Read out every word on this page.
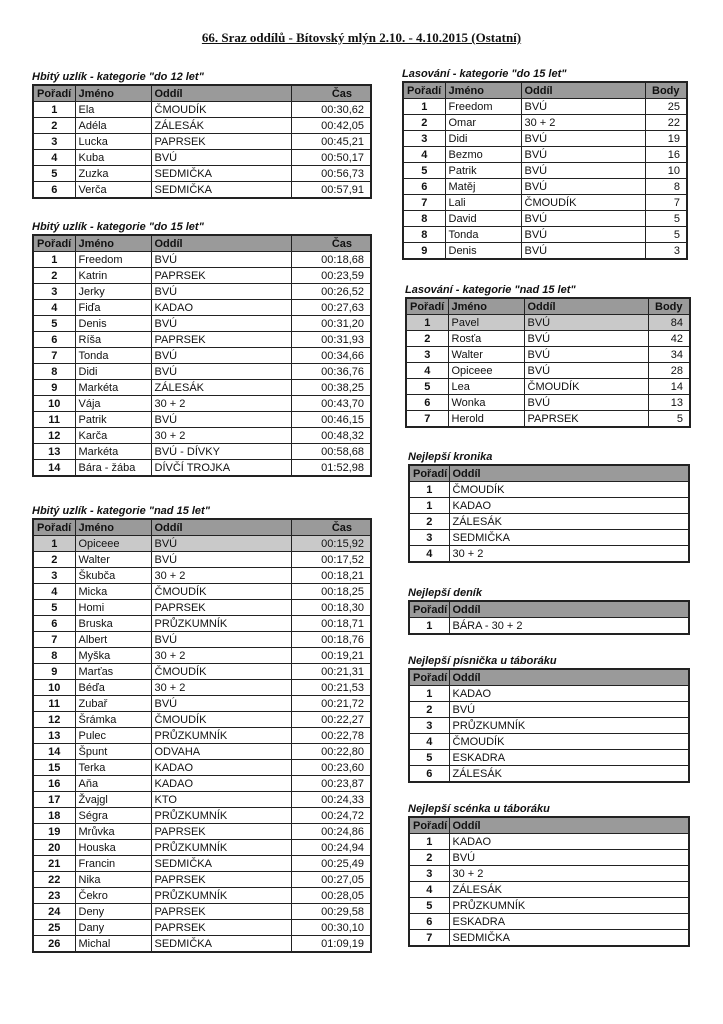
66. Sraz oddílů - Bítovský mlýn 2.10. - 4.10.2015 (Ostatní)
Hbitý uzlík - kategorie "do 12 let"
Pořadí	Jméno	Oddíl	Čas
1	Ela	ČMOUDÍK	00:30,62
2	Adéla	ZÁLESÁK	00:42,05
3	Lucka	PAPRSEK	00:45,21
4	Kuba	BVÚ	00:50,17
5	Zuzka	SEDMIČKA	00:56,73
6	Verča	SEDMIČKA	00:57,91
Hbitý uzlík - kategorie "do 15 let"
Pořadí	Jméno	Oddíl	Čas
1	Freedom	BVÚ	00:18,68
2	Katrin	PAPRSEK	00:23,59
3	Jerky	BVÚ	00:26,52
4	Fiďa	KADAO	00:27,63
5	Denis	BVÚ	00:31,20
6	Ríša	PAPRSEK	00:31,93
7	Tonda	BVÚ	00:34,66
8	Didi	BVÚ	00:36,76
9	Markéta	ZÁLESÁK	00:38,25
10	Vája	30 + 2	00:43,70
11	Patrik	BVÚ	00:46,15
12	Karča	30 + 2	00:48,32
13	Markéta	BVÚ - DÍVKY	00:58,68
14	Bára - žába	DÍVČÍ TROJKA	01:52,98
Hbitý uzlík - kategorie "nad 15 let"
Pořadí	Jméno	Oddíl	Čas
1	Opiceee	BVÚ	00:15,92
2	Walter	BVÚ	00:17,52
3	Škubča	30 + 2	00:18,21
4	Micka	ČMOUDÍK	00:18,25
5	Homi	PAPRSEK	00:18,30
6	Bruska	PRŮZKUMNÍK	00:18,71
7	Albert	BVÚ	00:18,76
8	Myška	30 + 2	00:19,21
9	Marťas	ČMOUDÍK	00:21,31
10	Béďa	30 + 2	00:21,53
11	Zubař	BVÚ	00:21,72
12	Šrámka	ČMOUDÍK	00:22,27
13	Pulec	PRŮZKUMNÍK	00:22,78
14	Špunt	ODVAHA	00:22,80
15	Terka	KADAO	00:23,60
16	Aňa	KADAO	00:23,87
17	Žvajgl	KTO	00:24,33
18	Ségra	PRŮZKUMNÍK	00:24,72
19	Mrůvka	PAPRSEK	00:24,86
20	Houska	PRŮZKUMNÍK	00:24,94
21	Francin	SEDMIČKA	00:25,49
22	Nika	PAPRSEK	00:27,05
23	Čekro	PRŮZKUMNÍK	00:28,05
24	Deny	PAPRSEK	00:29,58
25	Dany	PAPRSEK	00:30,10
26	Michal	SEDMIČKA	01:09,19
Lasování - kategorie "do 15 let"
Pořadí	Jméno	Oddíl	Body
1	Freedom	BVÚ	25
2	Omar	30 + 2	22
3	Didi	BVÚ	19
4	Bezmo	BVÚ	16
5	Patrik	BVÚ	10
6	Matěj	BVÚ	8
7	Lali	ČMOUDÍK	7
8	David	BVÚ	5
8	Tonda	BVÚ	5
9	Denis	BVÚ	3
Lasování - kategorie "nad 15 let"
Pořadí	Jméno	Oddíl	Body
1	Pavel	BVÚ	84
2	Rosťa	BVÚ	42
3	Walter	BVÚ	34
4	Opiceee	BVÚ	28
5	Lea	ČMOUDÍK	14
6	Wonka	BVÚ	13
7	Herold	PAPRSEK	5
Nejlepší kronika
Pořadí	Oddíl
1	ČMOUDÍK
1	KADAO
2	ZÁLESÁK
3	SEDMIČKA
4	30 + 2
Nejlepší deník
Pořadí	Oddíl
1	BÁRA - 30 + 2
Nejlepší písnička u táboráku
Pořadí	Oddíl
1	KADAO
2	BVÚ
3	PRŮZKUMNÍK
4	ČMOUDÍK
5	ESKADRA
6	ZÁLESÁK
Nejlepší scénka u táboráku
Pořadí	Oddíl
1	KADAO
2	BVÚ
3	30 + 2
4	ZÁLESÁK
5	PRŮZKUMNÍK
6	ESKADRA
7	SEDMIČKA
